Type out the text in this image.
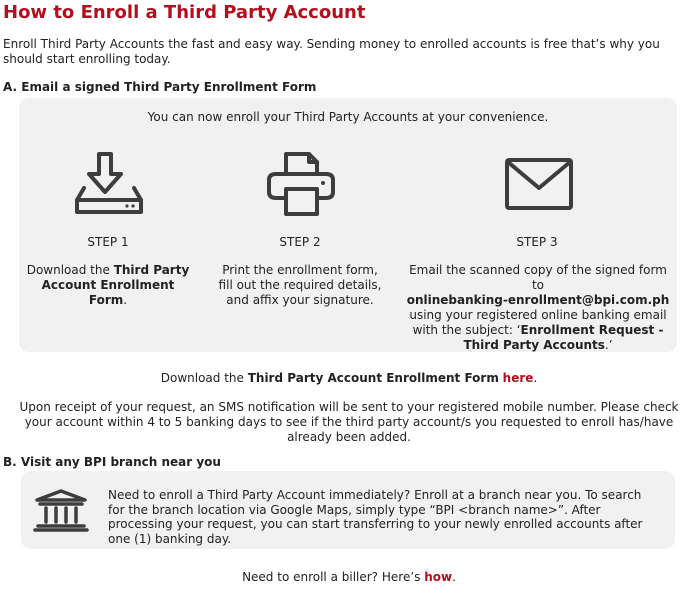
How to Enroll a Third Party Account

Enroll Third Party Accounts the fast and easy way. Sending money to enrolled accounts is free that’s why you should start enrolling today.

A. Email a signed Third Party Enrollment Form
You can now enroll your Third Party Accounts at your convenience.
STEP 1	STEP 2	STEP 3
Download the Third Party Account Enrollment Form.
Print the enrollment form,
fill out the required details,
and affix your signature.
Email the scanned copy of the signed form to
onlinebanking-enrollment@bpi.com.ph
using your registered online banking email
with the subject: ‘Enrollment Request - Third Party Accounts.’
Download the Third Party Account Enrollment Form here.

Upon receipt of your request, an SMS notification will be sent to your registered mobile number. Please check your account within 4 to 5 banking days to see if the third party account/s you requested to enroll has/have already been added.

B. Visit any BPI branch near you

Need to enroll a Third Party Account immediately? Enroll at a branch near you. To search for the branch location via Google Maps, simply type “BPI <branch name>”. After processing your request, you can start transferring to your newly enrolled accounts after one (1) banking day.

Need to enroll a biller? Here’s how.
